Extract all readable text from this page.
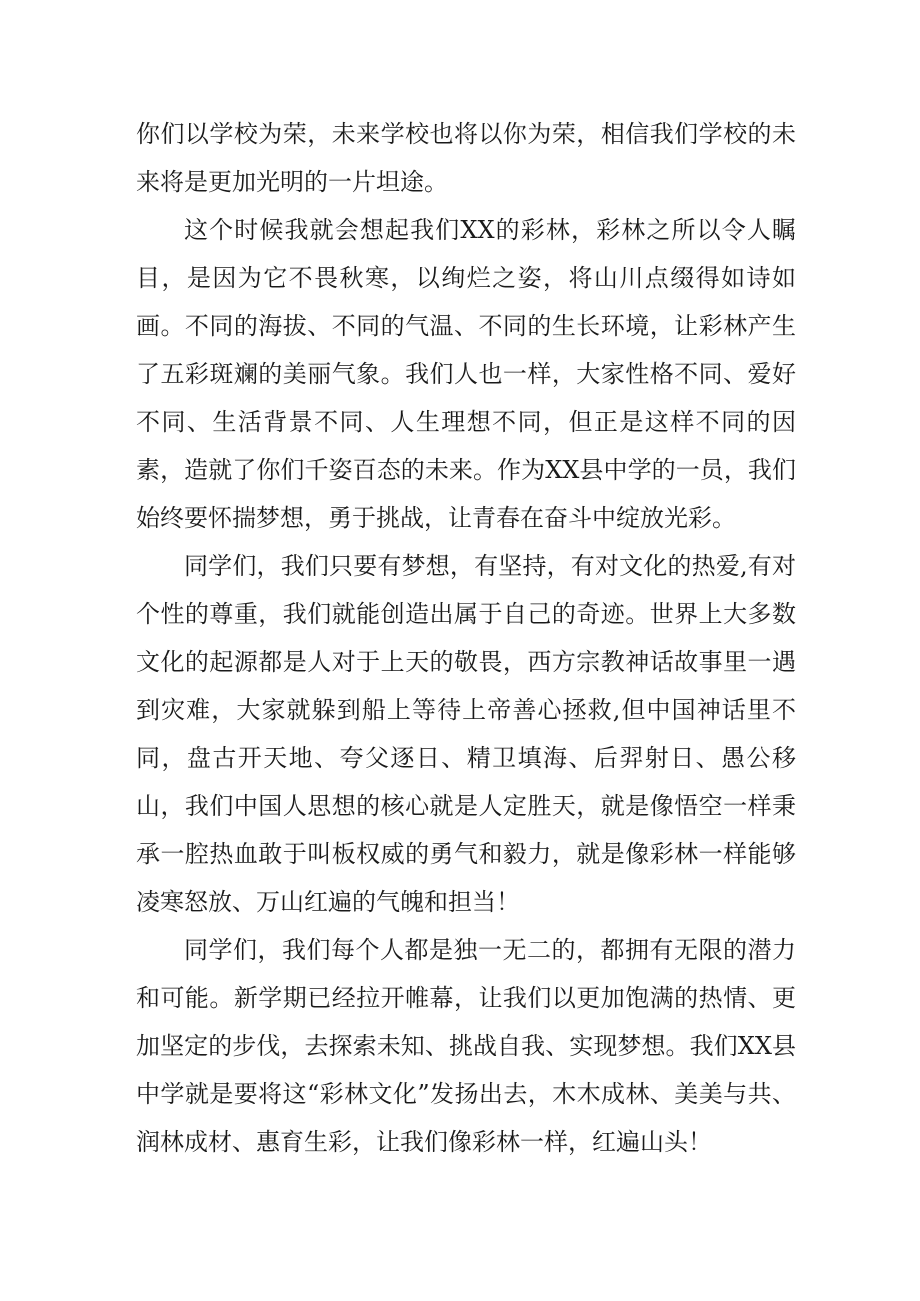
你们以学校为荣，未来学校也将以你为荣，相信我们学校的未来将是更加光明的一片坦途。

这个时候我就会想起我们XX的彩林，彩林之所以令人瞩目，是因为它不畏秋寒，以绚烂之姿，将山川点缀得如诗如画。不同的海拔、不同的气温、不同的生长环境，让彩林产生了五彩斑斓的美丽气象。我们人也一样，大家性格不同、爱好不同、生活背景不同、人生理想不同，但正是这样不同的因素，造就了你们千姿百态的未来。作为XX县中学的一员，我们始终要怀揣梦想，勇于挑战，让青春在奋斗中绽放光彩。

同学们，我们只要有梦想，有坚持，有对文化的热爱,有对个性的尊重，我们就能创造出属于自己的奇迹。世界上大多数文化的起源都是人对于上天的敬畏，西方宗教神话故事里一遇到灾难，大家就躲到船上等待上帝善心拯救,但中国神话里不同，盘古开天地、夸父逐日、精卫填海、后羿射日、愚公移山，我们中国人思想的核心就是人定胜天，就是像悟空一样秉承一腔热血敢于叫板权威的勇气和毅力，就是像彩林一样能够凌寒怒放、万山红遍的气魄和担当！

同学们，我们每个人都是独一无二的，都拥有无限的潜力和可能。新学期已经拉开帷幕，让我们以更加饱满的热情、更加坚定的步伐，去探索未知、挑战自我、实现梦想。我们XX县中学就是要将这“彩林文化”发扬出去，木木成林、美美与共、润林成材、惠育生彩，让我们像彩林一样，红遍山头！
